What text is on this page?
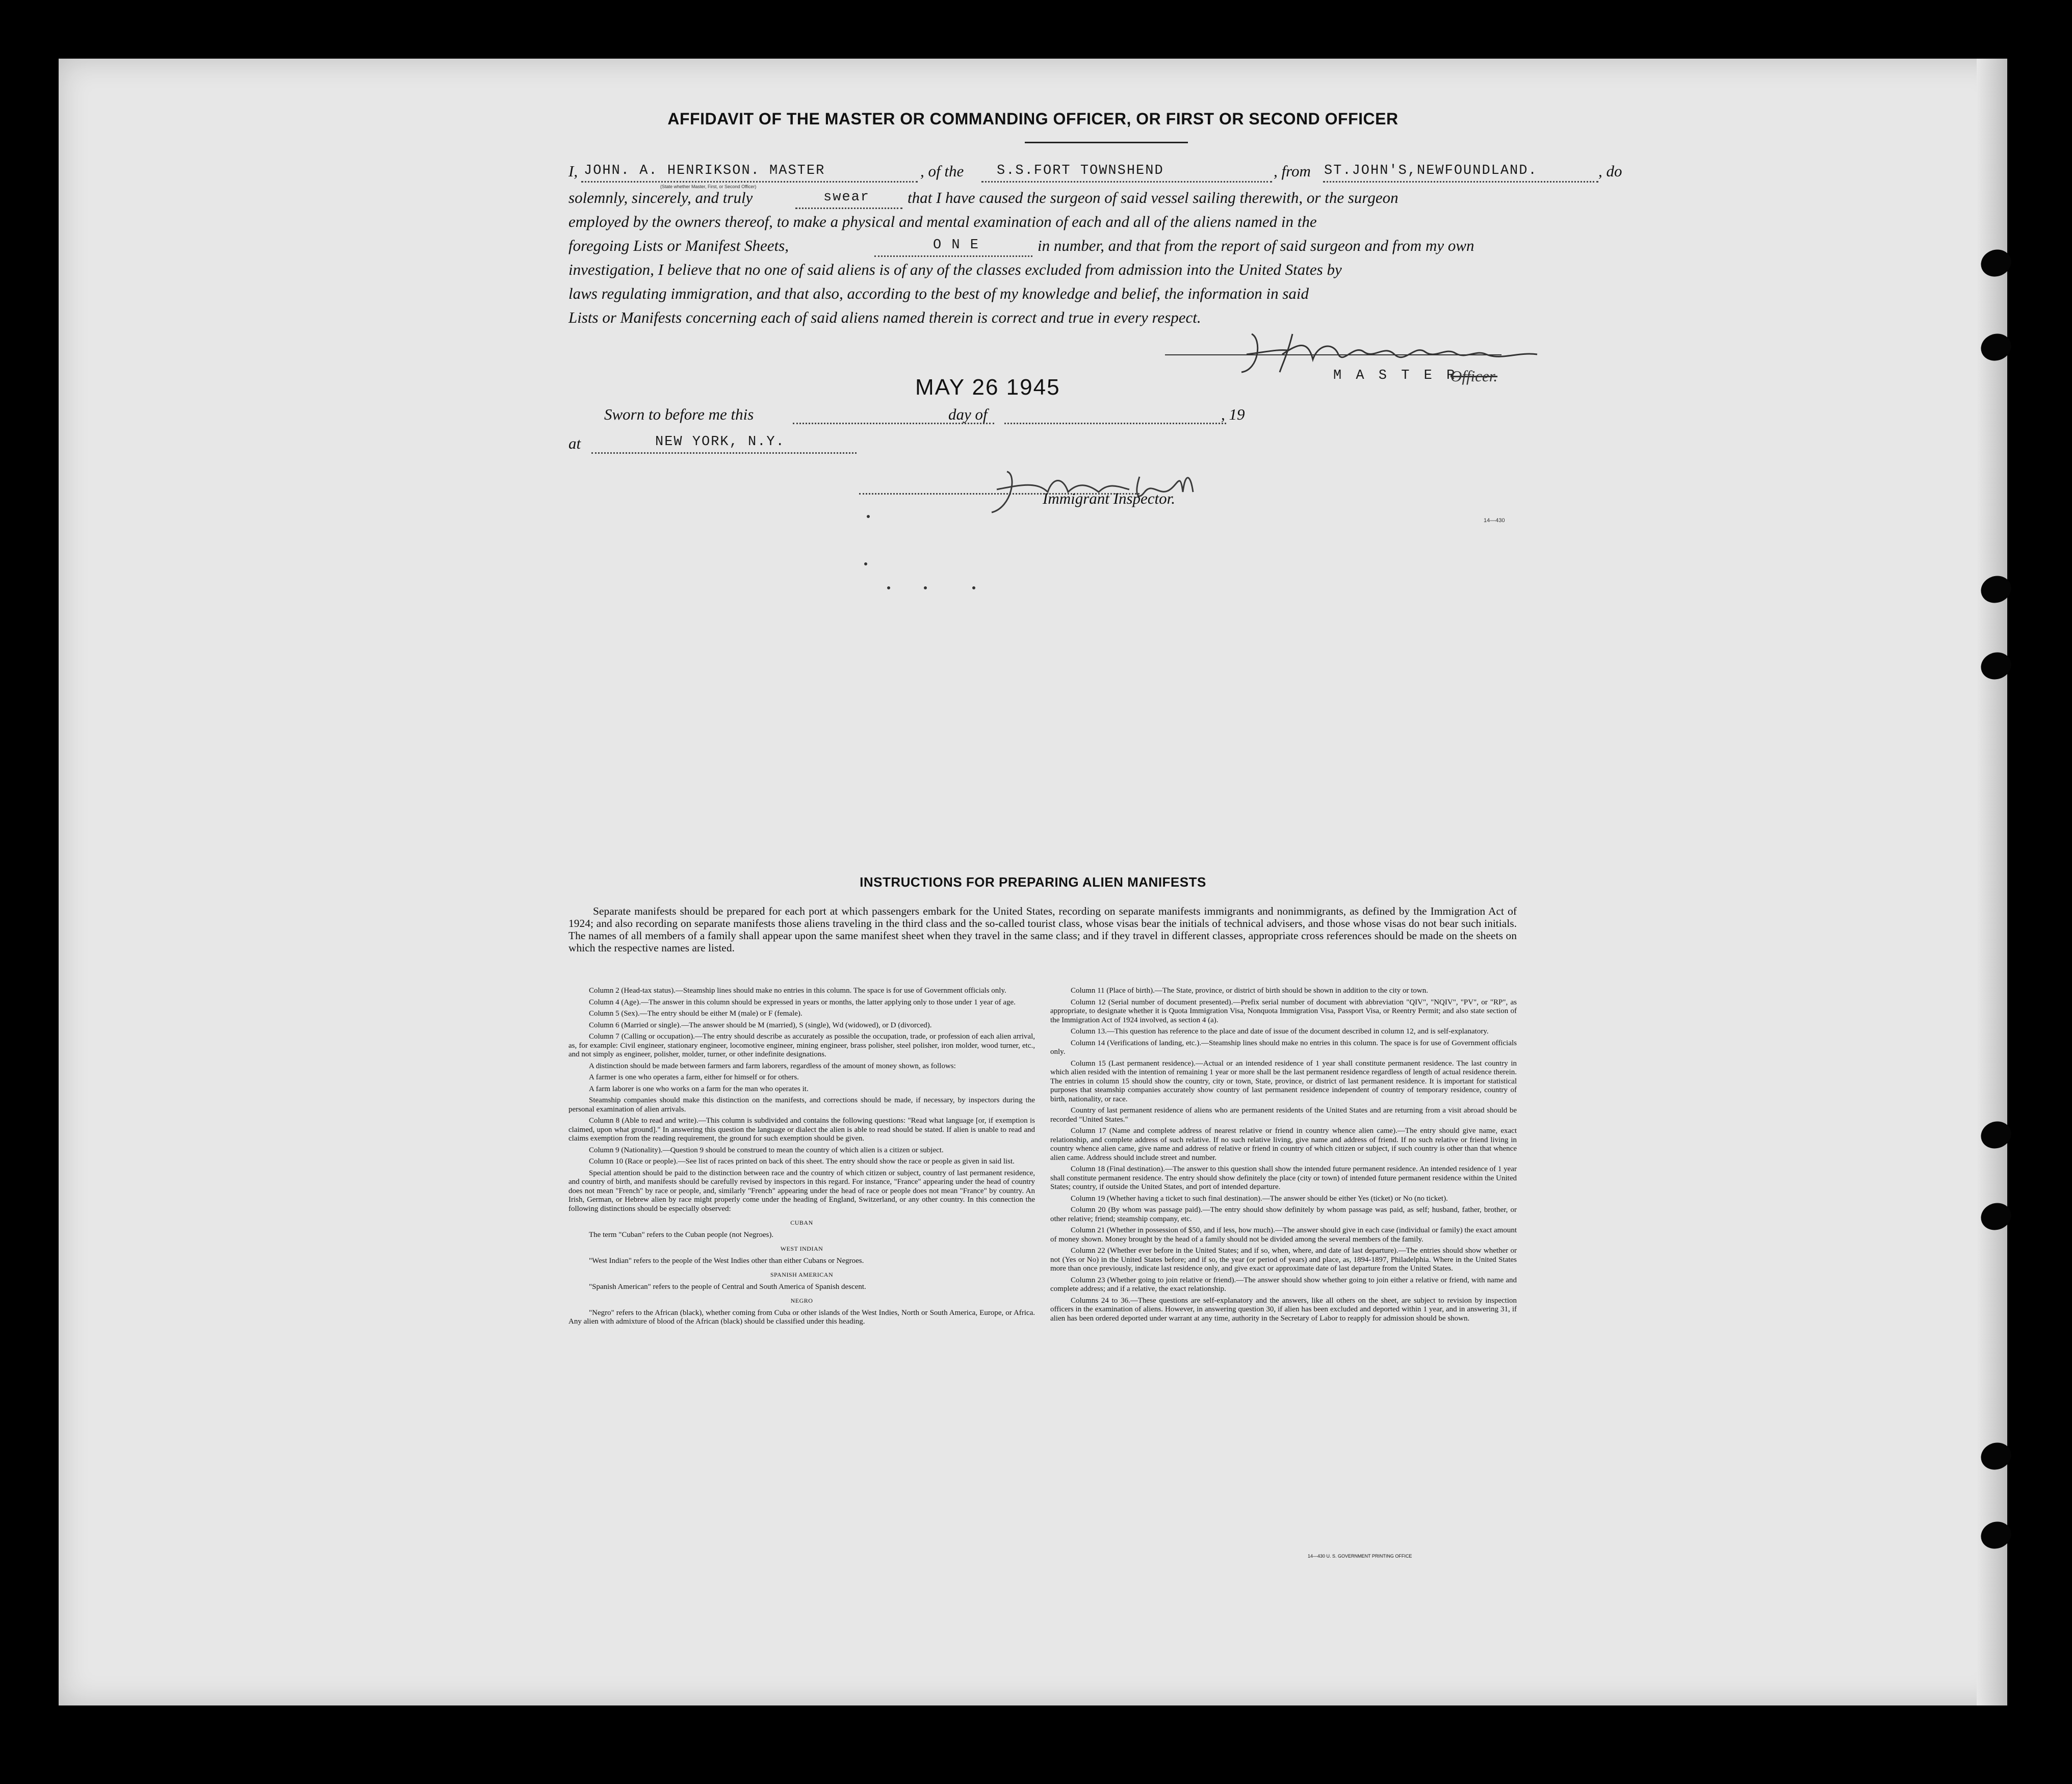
AFFIDAVIT OF THE MASTER OR COMMANDING OFFICER, OR FIRST OR SECOND OFFICER
I, JOHN. A. HENRIKSON. MASTER
(State whether Master, First, or Second Officer)
, of the S.S.FORT TOWNSHEND	, from ST.JOHN'S,NEWFOUNDLAND.	, do
solemnly, sincerely, and truly	swear that I have caused the surgeon of said vessel sailing therewith, or the surgeon
employed by the owners thereof, to make a physical and mental examination of each and all of the aliens named in the
foregoing Lists or Manifest Sheets,	O N E	in number, and that from the report of said surgeon and from my own
investigation, I believe that no one of said aliens is of any of the classes excluded from admission into the United States by
laws regulating immigration, and that also, according to the best of my knowledge and belief, the information in said
Lists or Manifests concerning each of said aliens named therein is correct and true in every respect.
M A S T E R
Officer.
MAY 26 1945
Sworn to before me this	day of	, 19
at	NEW YORK, N.Y.
Immigrant Inspector.
14—430
INSTRUCTIONS FOR PREPARING ALIEN MANIFESTS
Separate manifests should be prepared for each port at which passengers embark for the United States, recording on separate manifests immigrants and nonimmigrants, as defined by the Immigration Act of 1924; and also recording on separate manifests those aliens traveling in the third class and the so-called tourist class, whose visas bear the initials of technical advisers, and those whose visas do not bear such initials. The names of all members of a family shall appear upon the same manifest sheet when they travel in the same class; and if they travel in different classes, appropriate cross references should be made on the sheets on which the respective names are listed.

Column 2 (Head-tax status).—Steamship lines should make no entries in this column. The space is for use of Government officials only.

Column 4 (Age).—The answer in this column should be expressed in years or months, the latter applying only to those under 1 year of age.

Column 5 (Sex).—The entry should be either M (male) or F (female).

Column 6 (Married or single).—The answer should be M (married), S (single), Wd (widowed), or D (divorced).

Column 7 (Calling or occupation).—The entry should describe as accurately as possible the occupation, trade, or profession of each alien arrival, as, for example: Civil engineer, stationary engineer, locomotive engineer, mining engineer, brass polisher, steel polisher, iron molder, wood turner, etc., and not simply as engineer, polisher, molder, turner, or other indefinite designations.

A distinction should be made between farmers and farm laborers, regardless of the amount of money shown, as follows:

A farmer is one who operates a farm, either for himself or for others.

A farm laborer is one who works on a farm for the man who operates it.

Steamship companies should make this distinction on the manifests, and corrections should be made, if necessary, by inspectors during the personal examination of alien arrivals.

Column 8 (Able to read and write).—This column is subdivided and contains the following questions: "Read what language [or, if exemption is claimed, upon what ground]." In answering this question the language or dialect the alien is able to read should be stated. If alien is unable to read and claims exemption from the reading requirement, the ground for such exemption should be given.

Column 9 (Nationality).—Question 9 should be construed to mean the country of which alien is a citizen or subject.

Column 10 (Race or people).—See list of races printed on back of this sheet. The entry should show the race or people as given in said list.

Special attention should be paid to the distinction between race and the country of which citizen or subject, country of last permanent residence, and country of birth, and manifests should be carefully revised by inspectors in this regard. For instance, "France" appearing under the head of country does not mean "French" by race or people, and, similarly "French" appearing under the head of race or people does not mean "France" by country. An Irish, German, or Hebrew alien by race might properly come under the heading of England, Switzerland, or any other country. In this connection the following distinctions should be especially observed:

CUBAN

The term "Cuban" refers to the Cuban people (not Negroes).

WEST INDIAN

"West Indian" refers to the people of the West Indies other than either Cubans or Negroes.

SPANISH AMERICAN

"Spanish American" refers to the people of Central and South America of Spanish descent.

NEGRO

"Negro" refers to the African (black), whether coming from Cuba or other islands of the West Indies, North or South America, Europe, or Africa. Any alien with admixture of blood of the African (black) should be classified under this heading.

Column 11 (Place of birth).—The State, province, or district of birth should be shown in addition to the city or town.

Column 12 (Serial number of document presented).—Prefix serial number of document with abbreviation "QIV", "NQIV", "PV", or "RP", as appropriate, to designate whether it is Quota Immigration Visa, Nonquota Immigration Visa, Passport Visa, or Reentry Permit; and also state section of the Immigration Act of 1924 involved, as section 4 (a).

Column 13.—This question has reference to the place and date of issue of the document described in column 12, and is self-explanatory.

Column 14 (Verifications of landing, etc.).—Steamship lines should make no entries in this column. The space is for use of Government officials only.

Column 15 (Last permanent residence).—Actual or an intended residence of 1 year shall constitute permanent residence. The last country in which alien resided with the intention of remaining 1 year or more shall be the last permanent residence regardless of length of actual residence therein. The entries in column 15 should show the country, city or town, State, province, or district of last permanent residence. It is important for statistical purposes that steamship companies accurately show country of last permanent residence independent of country of temporary residence, country of birth, nationality, or race.

Country of last permanent residence of aliens who are permanent residents of the United States and are returning from a visit abroad should be recorded "United States."

Column 17 (Name and complete address of nearest relative or friend in country whence alien came).—The entry should give name, exact relationship, and complete address of such relative. If no such relative living, give name and address of friend. If no such relative or friend living in country whence alien came, give name and address of relative or friend in country of which citizen or subject, if such country is other than that whence alien came. Address should include street and number.

Column 18 (Final destination).—The answer to this question shall show the intended future permanent residence. An intended residence of 1 year shall constitute permanent residence. The entry should show definitely the place (city or town) of intended future permanent residence within the United States; country, if outside the United States, and port of intended departure.

Column 19 (Whether having a ticket to such final destination).—The answer should be either Yes (ticket) or No (no ticket).

Column 20 (By whom was passage paid).—The entry should show definitely by whom passage was paid, as self; husband, father, brother, or other relative; friend; steamship company, etc.

Column 21 (Whether in possession of $50, and if less, how much).—The answer should give in each case (individual or family) the exact amount of money shown. Money brought by the head of a family should not be divided among the several members of the family.

Column 22 (Whether ever before in the United States; and if so, when, where, and date of last departure).—The entries should show whether or not (Yes or No) in the United States before; and if so, the year (or period of years) and place, as, 1894-1897, Philadelphia. Where in the United States more than once previously, indicate last residence only, and give exact or approximate date of last departure from the United States.

Column 23 (Whether going to join relative or friend).—The answer should show whether going to join either a relative or friend, with name and complete address; and if a relative, the exact relationship.

Columns 24 to 36.—These questions are self-explanatory and the answers, like all others on the sheet, are subject to revision by inspection officers in the examination of aliens. However, in answering question 30, if alien has been excluded and deported within 1 year, and in answering 31, if alien has been ordered deported under warrant at any time, authority in the Secretary of Labor to reapply for admission should be shown.

14—430 U. S. GOVERNMENT PRINTING OFFICE
